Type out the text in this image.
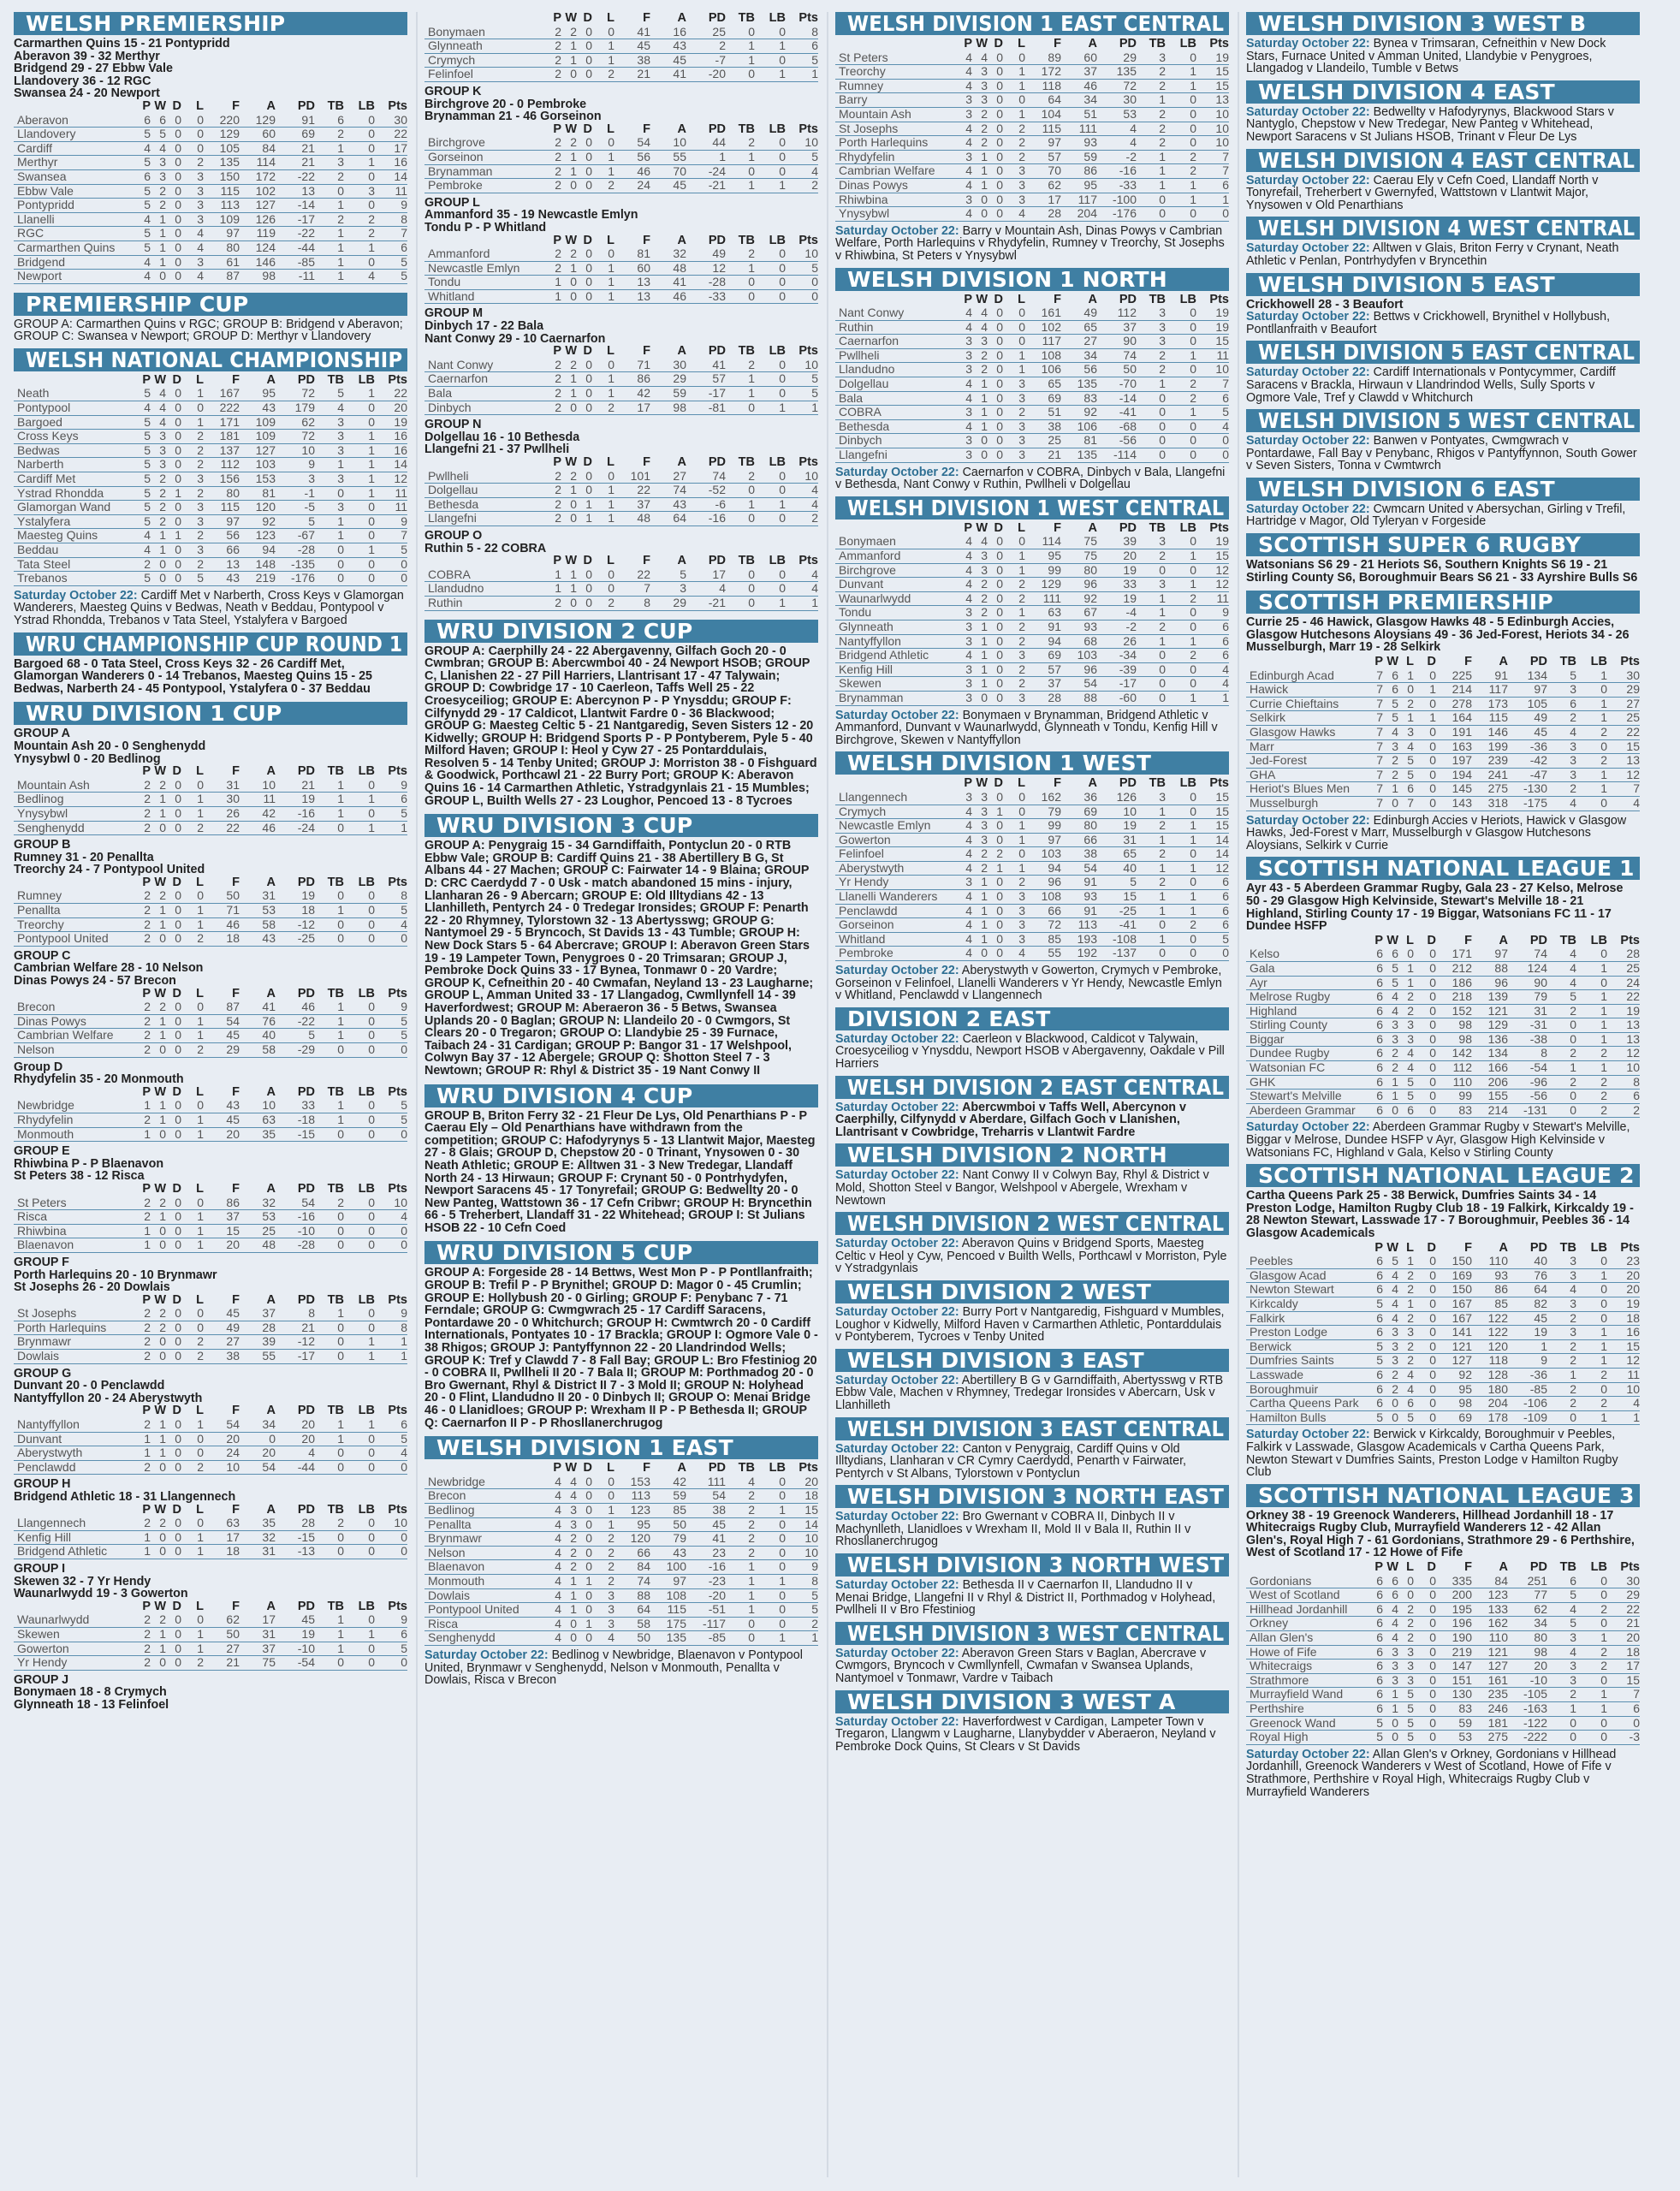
WELSH PREMIERSHIP
Carmarthen Quins 15 - 21 Pontypridd
Aberavon 39 - 32 Merthyr
Bridgend 29 - 27 Ebbw Vale
Llandovery 36 - 12 RGC
Swansea 24 - 20 Newport
	P	W	D	L	F	A	PD	TB	LB	Pts
Aberavon	6	6	0	0	220	129	91	6	0	30
Llandovery	5	5	0	0	129	60	69	2	0	22
Cardiff	4	4	0	0	105	84	21	1	0	17
Merthyr	5	3	0	2	135	114	21	3	1	16
Swansea	6	3	0	3	150	172	-22	2	0	14
Ebbw Vale	5	2	0	3	115	102	13	0	3	11
Pontypridd	5	2	0	3	113	127	-14	1	0	9
Llanelli	4	1	0	3	109	126	-17	2	2	8
RGC	5	1	0	4	97	119	-22	1	2	7
Carmarthen Quins	5	1	0	4	80	124	-44	1	1	6
Bridgend	4	1	0	3	61	146	-85	1	0	5
Newport	4	0	0	4	87	98	-11	1	4	5
PREMIERSHIP CUP
GROUP A: Carmarthen Quins v RGC; GROUP B: Bridgend v Aberavon; GROUP C: Swansea v Newport; GROUP D: Merthyr v Llandovery
WELSH NATIONAL CHAMPIONSHIP
	P	W	D	L	F	A	PD	TB	LB	Pts
Neath	5	4	0	1	167	95	72	5	1	22
Pontypool	4	4	0	0	222	43	179	4	0	20
Bargoed	5	4	0	1	171	109	62	3	0	19
Cross Keys	5	3	0	2	181	109	72	3	1	16
Bedwas	5	3	0	2	137	127	10	3	1	16
Narberth	5	3	0	2	112	103	9	1	1	14
Cardiff Met	5	2	0	3	156	153	3	3	1	12
Ystrad Rhondda	5	2	1	2	80	81	-1	0	1	11
Glamorgan Wand	5	2	0	3	115	120	-5	3	0	11
Ystalyfera	5	2	0	3	97	92	5	1	0	9
Maesteg Quins	4	1	1	2	56	123	-67	1	0	7
Beddau	4	1	0	3	66	94	-28	0	1	5
Tata Steel	2	0	0	2	13	148	-135	0	0	0
Trebanos	5	0	0	5	43	219	-176	0	0	0
Saturday October 22: Cardiff Met v Narberth, Cross Keys v Glamorgan Wanderers, Maesteg Quins v Bedwas, Neath v Beddau, Pontypool v Ystrad Rhondda, Trebanos v Tata Steel, Ystalyfera v Bargoed
WRU CHAMPIONSHIP CUP ROUND 1
Bargoed 68 - 0 Tata Steel, Cross Keys 32 - 26 Cardiff Met, Glamorgan Wanderers 0 - 14 Trebanos, Maesteg Quins 15 - 25 Bedwas, Narberth 24 - 45 Pontypool, Ystalyfera 0 - 37 Beddau
WRU DIVISION 1 CUP
GROUP A
Mountain Ash 20 - 0 Senghenydd
Ynysybwl 0 - 20 Bedlinog
	P	W	D	L	F	A	PD	TB	LB	Pts
Mountain Ash	2	2	0	0	31	10	21	1	0	9
Bedlinog	2	1	0	1	30	11	19	1	1	6
Ynysybwl	2	1	0	1	26	42	-16	1	0	5
Senghenydd	2	0	0	2	22	46	-24	0	1	1
GROUP B
Rumney 31 - 20 Penallta
Treorchy 24 - 7 Pontypool United
	P	W	D	L	F	A	PD	TB	LB	Pts
Rumney	2	2	0	0	50	31	19	0	0	8
Penallta	2	1	0	1	71	53	18	1	0	5
Treorchy	2	1	0	1	46	58	-12	0	0	4
Pontypool United	2	0	0	2	18	43	-25	0	0	0
GROUP C
Cambrian Welfare 28 - 10 Nelson
Dinas Powys 24 - 57 Brecon
	P	W	D	L	F	A	PD	TB	LB	Pts
Brecon	2	2	0	0	87	41	46	1	0	9
Dinas Powys	2	1	0	1	54	76	-22	1	0	5
Cambrian Welfare	2	1	0	1	45	40	5	1	0	5
Nelson	2	0	0	2	29	58	-29	0	0	0
Group D
Rhydyfelin 35 - 20 Monmouth
	P	W	D	L	F	A	PD	TB	LB	Pts
Newbridge	1	1	0	0	43	10	33	1	0	5
Rhydyfelin	2	1	0	1	45	63	-18	1	0	5
Monmouth	1	0	0	1	20	35	-15	0	0	0
GROUP E
Rhiwbina P - P Blaenavon
St Peters 38 - 12 Risca
	P	W	D	L	F	A	PD	TB	LB	Pts
St Peters	2	2	0	0	86	32	54	2	0	10
Risca	2	1	0	1	37	53	-16	0	0	4
Rhiwbina	1	0	0	1	15	25	-10	0	0	0
Blaenavon	1	0	0	1	20	48	-28	0	0	0
GROUP F
Porth Harlequins 20 - 10 Brynmawr
St Josephs 26 - 20 Dowlais
	P	W	D	L	F	A	PD	TB	LB	Pts
St Josephs	2	2	0	0	45	37	8	1	0	9
Porth Harlequins	2	2	0	0	49	28	21	0	0	8
Brynmawr	2	0	0	2	27	39	-12	0	1	1
Dowlais	2	0	0	2	38	55	-17	0	1	1
GROUP G
Dunvant 20 - 0 Penclawdd
Nantyffyllon 20 - 24 Aberystwyth
	P	W	D	L	F	A	PD	TB	LB	Pts
Nantyffyllon	2	1	0	1	54	34	20	1	1	6
Dunvant	1	1	0	0	20	0	20	1	0	5
Aberystwyth	1	1	0	0	24	20	4	0	0	4
Penclawdd	2	0	0	2	10	54	-44	0	0	0
GROUP H
Bridgend Athletic 18 - 31 Llangennech
	P	W	D	L	F	A	PD	TB	LB	Pts
Llangennech	2	2	0	0	63	35	28	2	0	10
Kenfig Hill	1	0	0	1	17	32	-15	0	0	0
Bridgend Athletic	1	0	0	1	18	31	-13	0	0	0
GROUP I
Skewen 32 - 7 Yr Hendy
Waunarlwydd 19 - 3 Gowerton
	P	W	D	L	F	A	PD	TB	LB	Pts
Waunarlwydd	2	2	0	0	62	17	45	1	0	9
Skewen	2	1	0	1	50	31	19	1	1	6
Gowerton	2	1	0	1	27	37	-10	1	0	5
Yr Hendy	2	0	0	2	21	75	-54	0	0	0
GROUP J
Bonymaen 18 - 8 Crymych
Glynneath 18 - 13 Felinfoel
	P	W	D	L	F	A	PD	TB	LB	Pts
Bonymaen	2	2	0	0	41	16	25	0	0	8
Glynneath	2	1	0	1	45	43	2	1	1	6
Crymych	2	1	0	1	38	45	-7	1	0	5
Felinfoel	2	0	0	2	21	41	-20	0	1	1
GROUP K
Birchgrove 20 - 0 Pembroke
Brynamman 21 - 46 Gorseinon
	P	W	D	L	F	A	PD	TB	LB	Pts
Birchgrove	2	2	0	0	54	10	44	2	0	10
Gorseinon	2	1	0	1	56	55	1	1	0	5
Brynamman	2	1	0	1	46	70	-24	0	0	4
Pembroke	2	0	0	2	24	45	-21	1	1	2
GROUP L
Ammanford 35 - 19 Newcastle Emlyn
Tondu P - P Whitland
	P	W	D	L	F	A	PD	TB	LB	Pts
Ammanford	2	2	0	0	81	32	49	2	0	10
Newcastle Emlyn	2	1	0	1	60	48	12	1	0	5
Tondu	1	0	0	1	13	41	-28	0	0	0
Whitland	1	0	0	1	13	46	-33	0	0	0
GROUP M
Dinbych 17 - 22 Bala
Nant Conwy 29 - 10 Caernarfon
	P	W	D	L	F	A	PD	TB	LB	Pts
Nant Conwy	2	2	0	0	71	30	41	2	0	10
Caernarfon	2	1	0	1	86	29	57	1	0	5
Bala	2	1	0	1	42	59	-17	1	0	5
Dinbych	2	0	0	2	17	98	-81	0	1	1
GROUP N
Dolgellau 16 - 10 Bethesda
Llangefni 21 - 37 Pwllheli
	P	W	D	L	F	A	PD	TB	LB	Pts
Pwllheli	2	2	0	0	101	27	74	2	0	10
Dolgellau	2	1	0	1	22	74	-52	0	0	4
Bethesda	2	0	1	1	37	43	-6	1	1	4
Llangefni	2	0	1	1	48	64	-16	0	0	2
GROUP O
Ruthin 5 - 22 COBRA
	P	W	D	L	F	A	PD	TB	LB	Pts
COBRA	1	1	0	0	22	5	17	0	0	4
Llandudno	1	1	0	0	7	3	4	0	0	4
Ruthin	2	0	0	2	8	29	-21	0	1	1
WRU DIVISION 2 CUP
GROUP A: Caerphilly 24 - 22 Abergavenny, Gilfach Goch 20 - 0 Cwmbran; GROUP B: Abercwmboi 40 - 24 Newport HSOB; GROUP C, Llanishen 22 - 27 Pill Harriers, Llantrisant 17 - 47 Talywain; GROUP D: Cowbridge 17 - 10 Caerleon, Taffs Well 25 - 22 Croesyceiliog; GROUP E: Abercynon P - P Ynysddu; GROUP F: Cilfynydd 29 - 17 Caldicot, Llantwit Fardre 0 - 36 Blackwood; GROUP G: Maesteg Celtic 5 - 21 Nantgaredig, Seven Sisters 12 - 20 Kidwelly; GROUP H: Bridgend Sports P - P Pontyberem, Pyle 5 - 40 Milford Haven; GROUP I: Heol y Cyw 27 - 25 Pontarddulais, Resolven 5 - 14 Tenby United; GROUP J: Morriston 38 - 0 Fishguard & Goodwick, Porthcawl 21 - 22 Burry Port; GROUP K: Aberavon Quins 16 - 14 Carmarthen Athletic, Ystradgynlais 21 - 15 Mumbles; GROUP L, Builth Wells 27 - 23 Loughor, Pencoed 13 - 8 Tycroes
WRU DIVISION 3 CUP
GROUP A: Penygraig 15 - 34 Garndiffaith, Pontyclun 20 - 0 RTB Ebbw Vale; GROUP B: Cardiff Quins 21 - 38 Abertillery B G, St Albans 44 - 27 Machen; GROUP C: Fairwater 14 - 9 Blaina; GROUP D: CRC Caerdydd 7 - 0 Usk - match abandoned 15 mins - injury, Llanharan 26 - 9 Abercarn; GROUP E: Old Illtydians 42 - 13 Llanhilleth, Pentyrch 24 - 0 Tredegar Ironsides; GROUP F: Penarth 22 - 20 Rhymney, Tylorstown 32 - 13 Abertysswg; GROUP G: Nantymoel 29 - 5 Bryncoch, St Davids 13 - 43 Tumble; GROUP H: New Dock Stars 5 - 64 Abercrave; GROUP I: Aberavon Green Stars 19 - 19 Lampeter Town, Penygroes 0 - 20 Trimsaran; GROUP J, Pembroke Dock Quins 33 - 17 Bynea, Tonmawr 0 - 20 Vardre; GROUP K, Cefneithin 20 - 40 Cwmafan, Neyland 13 - 23 Laugharne; GROUP L, Amman United 33 - 17 Llangadog, Cwmllynfell 14 - 39 Haverfordwest; GROUP M: Aberaeron 36 - 5 Betws, Swansea Uplands 20 - 0 Baglan; GROUP N: Llandeilo 20 - 0 Cwmgors, St Clears 20 - 0 Tregaron; GROUP O: Llandybie 25 - 39 Furnace, Taibach 24 - 31 Cardigan; GROUP P: Bangor 31 - 17 Welshpool, Colwyn Bay 37 - 12 Abergele; GROUP Q: Shotton Steel 7 - 3 Newtown; GROUP R: Rhyl & District 35 - 19 Nant Conwy II
WRU DIVISION 4 CUP
GROUP B, Briton Ferry 32 - 21 Fleur De Lys, Old Penarthians P - P Caerau Ely – Old Penarthians have withdrawn from the competition; GROUP C: Hafodyrynys 5 - 13 Llantwit Major, Maesteg 27 - 8 Glais; GROUP D, Chepstow 20 - 0 Trinant, Ynysowen 0 - 30 Neath Athletic; GROUP E: Alltwen 31 - 3 New Tredegar, Llandaff North 24 - 13 Hirwaun; GROUP F: Crynant 50 - 0 Pontrhydyfen, Newport Saracens 45 - 17 Tonyrefail; GROUP G: Bedwellty 20 - 0 New Panteg, Wattstown 36 - 17 Cefn Cribwr; GROUP H: Bryncethin 66 - 5 Treherbert, Llandaff 31 - 22 Whitehead; GROUP I: St Julians HSOB 22 - 10 Cefn Coed
WRU DIVISION 5 CUP
GROUP A: Forgeside 28 - 14 Bettws, West Mon P - P Pontllanfraith; GROUP B: Trefil P - P Brynithel; GROUP D: Magor 0 - 45 Crumlin; GROUP E: Hollybush 20 - 0 Girling; GROUP F: Penybanc 7 - 71 Ferndale; GROUP G: Cwmgwrach 25 - 17 Cardiff Saracens, Pontardawe 20 - 0 Whitchurch; GROUP H: Cwmtwrch 20 - 0 Cardiff Internationals, Pontyates 10 - 17 Brackla; GROUP I: Ogmore Vale 0 - 38 Rhigos; GROUP J: Pantyffynnon 22 - 20 Llandrindod Wells; GROUP K: Tref y Clawdd 7 - 8 Fall Bay; GROUP L: Bro Ffestiniog 20 - 0 COBRA II, Pwllheli II 20 - 7 Bala II; GROUP M: Porthmadog 20 - 0 Bro Gwernant, Rhyl & District II 7 - 3 Mold II; GROUP N: Holyhead 20 - 0 Flint, Llandudno II 20 - 0 Dinbych II; GROUP O: Menai Bridge 46 - 0 Llanidloes; GROUP P: Wrexham II P - P Bethesda II; GROUP Q: Caernarfon II P - P Rhosllanerchrugog
WELSH DIVISION 1 EAST
	P	W	D	L	F	A	PD	TB	LB	Pts
Newbridge	4	4	0	0	153	42	111	4	0	20
Brecon	4	4	0	0	113	59	54	2	0	18
Bedlinog	4	3	0	1	123	85	38	2	1	15
Penallta	4	3	0	1	95	50	45	2	0	14
Brynmawr	4	2	0	2	120	79	41	2	0	10
Nelson	4	2	0	2	66	43	23	2	0	10
Blaenavon	4	2	0	2	84	100	-16	1	0	9
Monmouth	4	1	1	2	74	97	-23	1	1	8
Dowlais	4	1	0	3	88	108	-20	1	0	5
Pontypool United	4	1	0	3	64	115	-51	1	0	5
Risca	4	0	1	3	58	175	-117	0	0	2
Senghenydd	4	0	0	4	50	135	-85	0	1	1
Saturday October 22: Bedlinog v Newbridge, Blaenavon v Pontypool United, Brynmawr v Senghenydd, Nelson v Monmouth, Penallta v Dowlais, Risca v Brecon
WELSH DIVISION 1 EAST CENTRAL
	P	W	D	L	F	A	PD	TB	LB	Pts
St Peters	4	4	0	0	89	60	29	3	0	19
Treorchy	4	3	0	1	172	37	135	2	1	15
Rumney	4	3	0	1	118	46	72	2	1	15
Barry	3	3	0	0	64	34	30	1	0	13
Mountain Ash	3	2	0	1	104	51	53	2	0	10
St Josephs	4	2	0	2	115	111	4	2	0	10
Porth Harlequins	4	2	0	2	97	93	4	2	0	10
Rhydyfelin	3	1	0	2	57	59	-2	1	2	7
Cambrian Welfare	4	1	0	3	70	86	-16	1	2	7
Dinas Powys	4	1	0	3	62	95	-33	1	1	6
Rhiwbina	3	0	0	3	17	117	-100	0	1	1
Ynysybwl	4	0	0	4	28	204	-176	0	0	0
Saturday October 22: Barry v Mountain Ash, Dinas Powys v Cambrian Welfare, Porth Harlequins v Rhydyfelin, Rumney v Treorchy, St Josephs v Rhiwbina, St Peters v Ynysybwl
WELSH DIVISION 1 NORTH
	P	W	D	L	F	A	PD	TB	LB	Pts
Nant Conwy	4	4	0	0	161	49	112	3	0	19
Ruthin	4	4	0	0	102	65	37	3	0	19
Caernarfon	3	3	0	0	117	27	90	3	0	15
Pwllheli	3	2	0	1	108	34	74	2	1	11
Llandudno	3	2	0	1	106	56	50	2	0	10
Dolgellau	4	1	0	3	65	135	-70	1	2	7
Bala	4	1	0	3	69	83	-14	0	2	6
COBRA	3	1	0	2	51	92	-41	0	1	5
Bethesda	4	1	0	3	38	106	-68	0	0	4
Dinbych	3	0	0	3	25	81	-56	0	0	0
Llangefni	3	0	0	3	21	135	-114	0	0	0
Saturday October 22: Caernarfon v COBRA, Dinbych v Bala, Llangefni v Bethesda, Nant Conwy v Ruthin, Pwllheli v Dolgellau
WELSH DIVISION 1 WEST CENTRAL
	P	W	D	L	F	A	PD	TB	LB	Pts
Bonymaen	4	4	0	0	114	75	39	3	0	19
Ammanford	4	3	0	1	95	75	20	2	1	15
Birchgrove	4	3	0	1	99	80	19	0	0	12
Dunvant	4	2	0	2	129	96	33	3	1	12
Waunarlwydd	4	2	0	2	111	92	19	1	2	11
Tondu	3	2	0	1	63	67	-4	1	0	9
Glynneath	3	1	0	2	91	93	-2	2	0	6
Nantyffyllon	3	1	0	2	94	68	26	1	1	6
Bridgend Athletic	4	1	0	3	69	103	-34	0	2	6
Kenfig Hill	3	1	0	2	57	96	-39	0	0	4
Skewen	3	1	0	2	37	54	-17	0	0	4
Brynamman	3	0	0	3	28	88	-60	0	1	1
Saturday October 22: Bonymaen v Brynamman, Bridgend Athletic v Ammanford, Dunvant v Waunarlwydd, Glynneath v Tondu, Kenfig Hill v Birchgrove, Skewen v Nantyffyllon
WELSH DIVISION 1 WEST
	P	W	D	L	F	A	PD	TB	LB	Pts
Llangennech	3	3	0	0	162	36	126	3	0	15
Crymych	4	3	1	0	79	69	10	1	0	15
Newcastle Emlyn	4	3	0	1	99	80	19	2	1	15
Gowerton	4	3	0	1	97	66	31	1	1	14
Felinfoel	4	2	2	0	103	38	65	2	0	14
Aberystwyth	4	2	1	1	94	54	40	1	1	12
Yr Hendy	3	1	0	2	96	91	5	2	0	6
Llanelli Wanderers	4	1	0	3	108	93	15	1	1	6
Penclawdd	4	1	0	3	66	91	-25	1	1	6
Gorseinon	4	1	0	3	72	113	-41	0	2	6
Whitland	4	1	0	3	85	193	-108	1	0	5
Pembroke	4	0	0	4	55	192	-137	0	0	0
Saturday October 22: Aberystwyth v Gowerton, Crymych v Pembroke, Gorseinon v Felinfoel, Llanelli Wanderers v Yr Hendy, Newcastle Emlyn v Whitland, Penclawdd v Llangennech
DIVISION 2 EAST
Saturday October 22: Caerleon v Blackwood, Caldicot v Talywain, Croesyceiliog v Ynysddu, Newport HSOB v Abergavenny, Oakdale v Pill Harriers
WELSH DIVISION 2 EAST CENTRAL
Saturday October 22: Abercwmboi v Taffs Well, Abercynon v Caerphilly, Cilfynydd v Aberdare, Gilfach Goch v Llanishen, Llantrisant v Cowbridge, Treharris v Llantwit Fardre
WELSH DIVISION 2 NORTH
Saturday October 22: Nant Conwy II v Colwyn Bay, Rhyl & District v Mold, Shotton Steel v Bangor, Welshpool v Abergele, Wrexham v Newtown
WELSH DIVISION 2 WEST CENTRAL
Saturday October 22: Aberavon Quins v Bridgend Sports, Maesteg Celtic v Heol y Cyw, Pencoed v Builth Wells, Porthcawl v Morriston, Pyle v Ystradgynlais
WELSH DIVISION 2 WEST
Saturday October 22: Burry Port v Nantgaredig, Fishguard v Mumbles, Loughor v Kidwelly, Milford Haven v Carmarthen Athletic, Pontarddulais v Pontyberem, Tycroes v Tenby United
WELSH DIVISION 3 EAST
Saturday October 22: Abertillery B G v Garndiffaith, Abertysswg v RTB Ebbw Vale, Machen v Rhymney, Tredegar Ironsides v Abercarn, Usk v Llanhilleth
WELSH DIVISION 3 EAST CENTRAL
Saturday October 22: Canton v Penygraig, Cardiff Quins v Old Illtydians, Llanharan v CR Cymry Caerdydd, Penarth v Fairwater, Pentyrch v St Albans, Tylorstown v Pontyclun
WELSH DIVISION 3 NORTH EAST
Saturday October 22: Bro Gwernant v COBRA II, Dinbych II v Machynlleth, Llanidloes v Wrexham II, Mold II v Bala II, Ruthin II v Rhosllanerchrugog
WELSH DIVISION 3 NORTH WEST
Saturday October 22: Bethesda II v Caernarfon II, Llandudno II v Menai Bridge, Llangefni II v Rhyl & District II, Porthmadog v Holyhead, Pwllheli II v Bro Ffestiniog
WELSH DIVISION 3 WEST CENTRAL
Saturday October 22: Aberavon Green Stars v Baglan, Abercrave v Cwmgors, Bryncoch v Cwmllynfell, Cwmafan v Swansea Uplands, Nantymoel v Tonmawr, Vardre v Taibach
WELSH DIVISION 3 WEST A
Saturday October 22: Haverfordwest v Cardigan, Lampeter Town v Tregaron, Llangwm v Laugharne, Llanybydder v Aberaeron, Neyland v Pembroke Dock Quins, St Clears v St Davids
WELSH DIVISION 3 WEST B
Saturday October 22: Bynea v Trimsaran, Cefneithin v New Dock Stars, Furnace United v Amman United, Llandybie v Penygroes, Llangadog v Llandeilo, Tumble v Betws
WELSH DIVISION 4 EAST
Saturday October 22: Bedwellty v Hafodyrynys, Blackwood Stars v Nantyglo, Chepstow v New Tredegar, New Panteg v Whitehead, Newport Saracens v St Julians HSOB, Trinant v Fleur De Lys
WELSH DIVISION 4 EAST CENTRAL
Saturday October 22: Caerau Ely v Cefn Coed, Llandaff North v Tonyrefail, Treherbert v Gwernyfed, Wattstown v Llantwit Major, Ynysowen v Old Penarthians
WELSH DIVISION 4 WEST CENTRAL
Saturday October 22: Alltwen v Glais, Briton Ferry v Crynant, Neath Athletic v Penlan, Pontrhydyfen v Bryncethin
WELSH DIVISION 5 EAST
Crickhowell 28 - 3 Beaufort
Saturday October 22: Bettws v Crickhowell, Brynithel v Hollybush, Pontllanfraith v Beaufort
WELSH DIVISION 5 EAST CENTRAL
Saturday October 22: Cardiff Internationals v Pontycymmer, Cardiff Saracens v Brackla, Hirwaun v Llandrindod Wells, Sully Sports v Ogmore Vale, Tref y Clawdd v Whitchurch
WELSH DIVISION 5 WEST CENTRAL
Saturday October 22: Banwen v Pontyates, Cwmgwrach v Pontardawe, Fall Bay v Penybanc, Rhigos v Pantyffynnon, South Gower v Seven Sisters, Tonna v Cwmtwrch
WELSH DIVISION 6 EAST
Saturday October 22: Cwmcarn United v Abersychan, Girling v Trefil, Hartridge v Magor, Old Tyleryan v Forgeside
SCOTTISH SUPER 6 RUGBY
Watsonians S6 29 - 21 Heriots S6, Southern Knights S6 19 - 21 Stirling County S6, Boroughmuir Bears S6 21 - 33 Ayrshire Bulls S6
SCOTTISH PREMIERSHIP
Currie 25 - 46 Hawick, Glasgow Hawks 48 - 5 Edinburgh Accies, Glasgow Hutchesons Aloysians 49 - 36 Jed-Forest, Heriots 34 - 26 Musselburgh, Marr 19 - 28 Selkirk
	P	W	L	D	F	A	PD	TB	LB	Pts
Edinburgh Acad	7	6	1	0	225	91	134	5	1	30
Hawick	7	6	0	1	214	117	97	3	0	29
Currie Chieftains	7	5	2	0	278	173	105	6	1	27
Selkirk	7	5	1	1	164	115	49	2	1	25
Glasgow Hawks	7	4	3	0	191	146	45	4	2	22
Marr	7	3	4	0	163	199	-36	3	0	15
Jed-Forest	7	2	5	0	197	239	-42	3	2	13
GHA	7	2	5	0	194	241	-47	3	1	12
Heriot's Blues Men	7	1	6	0	145	275	-130	2	1	7
Musselburgh	7	0	7	0	143	318	-175	4	0	4
Saturday October 22: Edinburgh Accies v Heriots, Hawick v Glasgow Hawks, Jed-Forest v Marr, Musselburgh v Glasgow Hutchesons Aloysians, Selkirk v Currie
SCOTTISH NATIONAL LEAGUE 1
Ayr 43 - 5 Aberdeen Grammar Rugby, Gala 23 - 27 Kelso, Melrose 50 - 29 Glasgow High Kelvinside, Stewart's Melville 18 - 21 Highland, Stirling County 17 - 19 Biggar, Watsonians FC 11 - 17 Dundee HSFP
	P	W	L	D	F	A	PD	TB	LB	Pts
Kelso	6	6	0	0	171	97	74	4	0	28
Gala	6	5	1	0	212	88	124	4	1	25
Ayr	6	5	1	0	186	96	90	4	0	24
Melrose Rugby	6	4	2	0	218	139	79	5	1	22
Highland	6	4	2	0	152	121	31	2	1	19
Stirling County	6	3	3	0	98	129	-31	0	1	13
Biggar	6	3	3	0	98	136	-38	0	1	13
Dundee Rugby	6	2	4	0	142	134	8	2	2	12
Watsonian FC	6	2	4	0	112	166	-54	1	1	10
GHK	6	1	5	0	110	206	-96	2	2	8
Stewart's Melville	6	1	5	0	99	155	-56	0	2	6
Aberdeen Grammar	6	0	6	0	83	214	-131	0	2	2
Saturday October 22: Aberdeen Grammar Rugby v Stewart's Melville, Biggar v Melrose, Dundee HSFP v Ayr, Glasgow High Kelvinside v Watsonians FC, Highland v Gala, Kelso v Stirling County
SCOTTISH NATIONAL LEAGUE 2
Cartha Queens Park 25 - 38 Berwick, Dumfries Saints 34 - 14 Preston Lodge, Hamilton Rugby Club 18 - 19 Falkirk, Kirkcaldy 19 - 28 Newton Stewart, Lasswade 17 - 7 Boroughmuir, Peebles 36 - 14 Glasgow Academicals
	P	W	L	D	F	A	PD	TB	LB	Pts
Peebles	6	5	1	0	150	110	40	3	0	23
Glasgow Acad	6	4	2	0	169	93	76	3	1	20
Newton Stewart	6	4	2	0	150	86	64	4	0	20
Kirkcaldy	5	4	1	0	167	85	82	3	0	19
Falkirk	6	4	2	0	167	122	45	2	0	18
Preston Lodge	6	3	3	0	141	122	19	3	1	16
Berwick	5	3	2	0	121	120	1	2	1	15
Dumfries Saints	5	3	2	0	127	118	9	2	1	12
Lasswade	6	2	4	0	92	128	-36	1	2	11
Boroughmuir	6	2	4	0	95	180	-85	2	0	10
Cartha Queens Park	6	0	6	0	98	204	-106	2	2	4
Hamilton Bulls	5	0	5	0	69	178	-109	0	1	1
Saturday October 22: Berwick v Kirkcaldy, Boroughmuir v Peebles, Falkirk v Lasswade, Glasgow Academicals v Cartha Queens Park, Newton Stewart v Dumfries Saints, Preston Lodge v Hamilton Rugby Club
SCOTTISH NATIONAL LEAGUE 3
Orkney 38 - 19 Greenock Wanderers, Hillhead Jordanhill 18 - 17 Whitecraigs Rugby Club, Murrayfield Wanderers 12 - 42 Allan Glen's, Royal High 7 - 61 Gordonians, Strathmore 29 - 6 Perthshire, West of Scotland 17 - 12 Howe of Fife
	P	W	L	D	F	A	PD	TB	LB	Pts
Gordonians	6	6	0	0	335	84	251	6	0	30
West of Scotland	6	6	0	0	200	123	77	5	0	29
Hillhead Jordanhill	6	4	2	0	195	133	62	4	2	22
Orkney	6	4	2	0	196	162	34	5	0	21
Allan Glen's	6	4	2	0	190	110	80	3	1	20
Howe of Fife	6	3	3	0	219	121	98	4	2	18
Whitecraigs	6	3	3	0	147	127	20	3	2	17
Strathmore	6	3	3	0	151	161	-10	3	0	15
Murrayfield Wand	6	1	5	0	130	235	-105	2	1	7
Perthshire	6	1	5	0	83	246	-163	1	1	6
Greenock Wand	5	0	5	0	59	181	-122	0	0	0
Royal High	5	0	5	0	53	275	-222	0	0	-3
Saturday October 22: Allan Glen's v Orkney, Gordonians v Hillhead Jordanhill, Greenock Wanderers v West of Scotland, Howe of Fife v Strathmore, Perthshire v Royal High, Whitecraigs Rugby Club v Murrayfield Wanderers
